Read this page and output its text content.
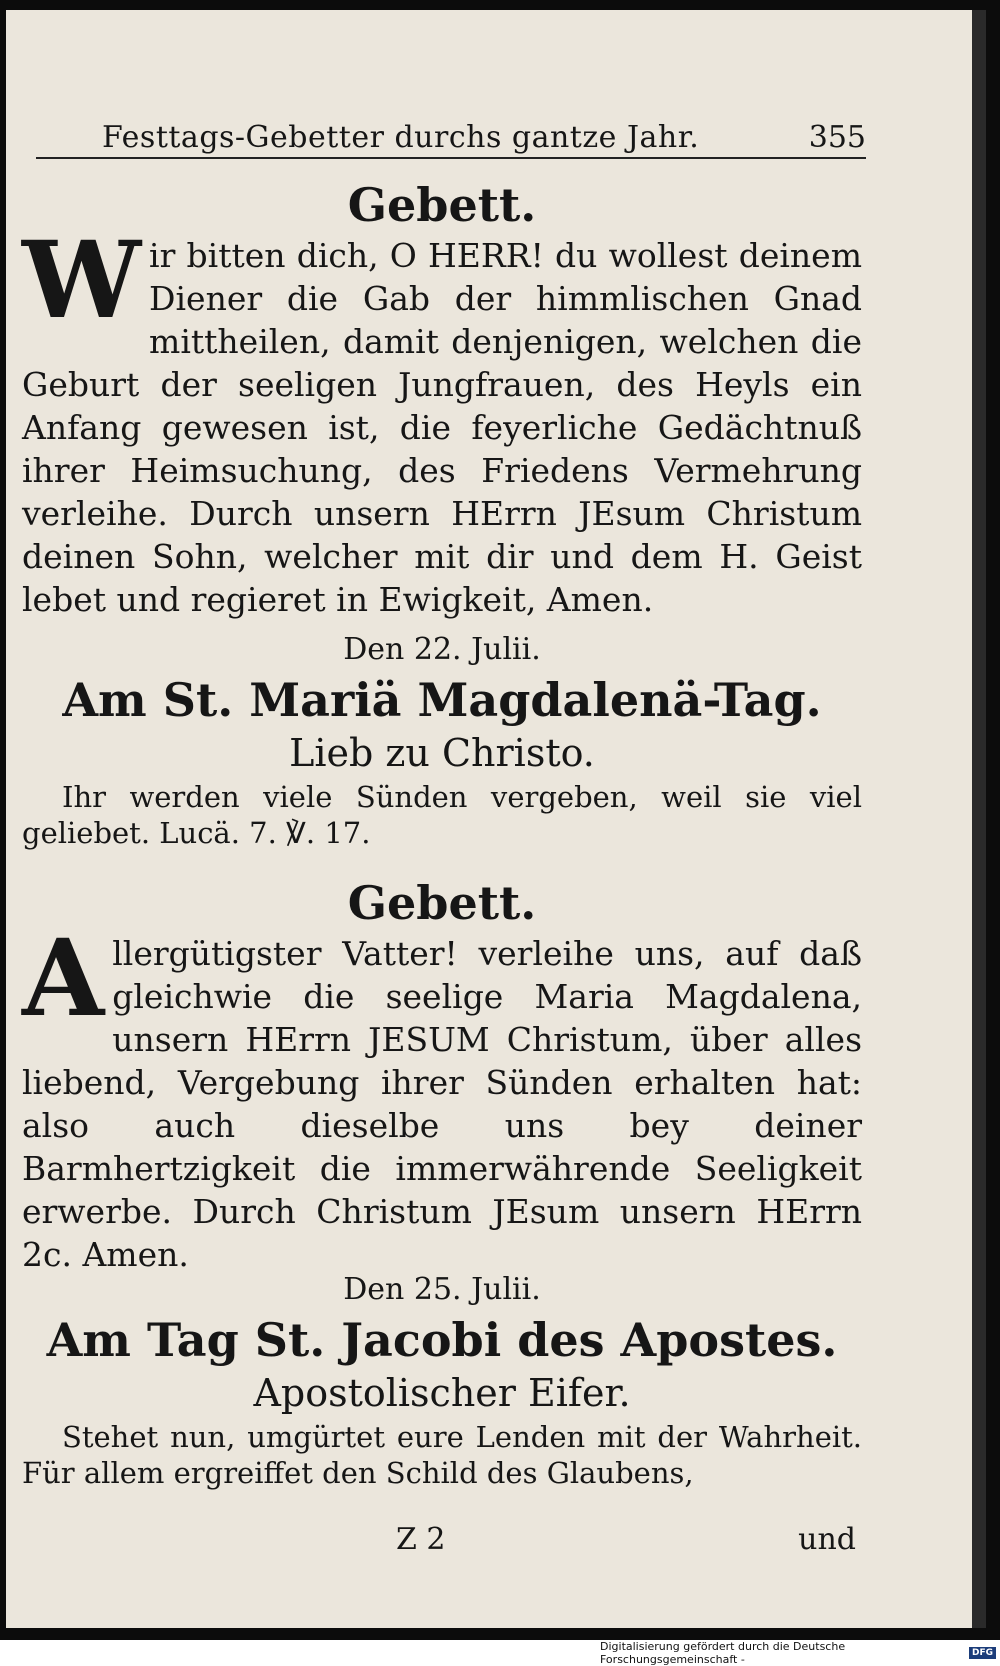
Festtags-Gebetter durchs gantze Jahr.	355
Gebett.
Wir bitten dich, O HERR! du wollest deinem Diener die Gab der himmlischen Gnad mittheilen, damit denjenigen, welchen die Geburt der seeligen Jungfrauen, des Heyls ein Anfang gewesen ist, die feyerliche Gedächtnuß ihrer Heimsuchung, des Friedens Vermehrung verleihe. Durch unsern HErrn JEsum Christum deinen Sohn, welcher mit dir und dem H. Geist lebet und regieret in Ewigkeit, Amen.
Den 22. Julii.
Am St. Mariä Magdalenä-Tag.
Lieb zu Christo.
Ihr werden viele Sünden vergeben, weil sie viel geliebet. Lucä. 7. ℣. 17.
Gebett.
Allergütigster Vatter! verleihe uns, auf daß gleichwie die seelige Maria Magdalena, unsern HErrn JESUM Christum, über alles liebend, Vergebung ihrer Sünden erhalten hat: also auch dieselbe uns bey deiner Barmhertzigkeit die immerwährende Seeligkeit erwerbe. Durch Christum JEsum unsern HErrn 2c. Amen.
Den 25. Julii.
Am Tag St. Jacobi des Apostes.
Apostolischer Eifer.
Stehet nun, umgürtet eure Lenden mit der Wahrheit. Für allem ergreiffet den Schild des Glaubens,
Z 2	und
Digitalisierung gefördert durch die Deutsche Forschungsgemeinschaft -	DFG
